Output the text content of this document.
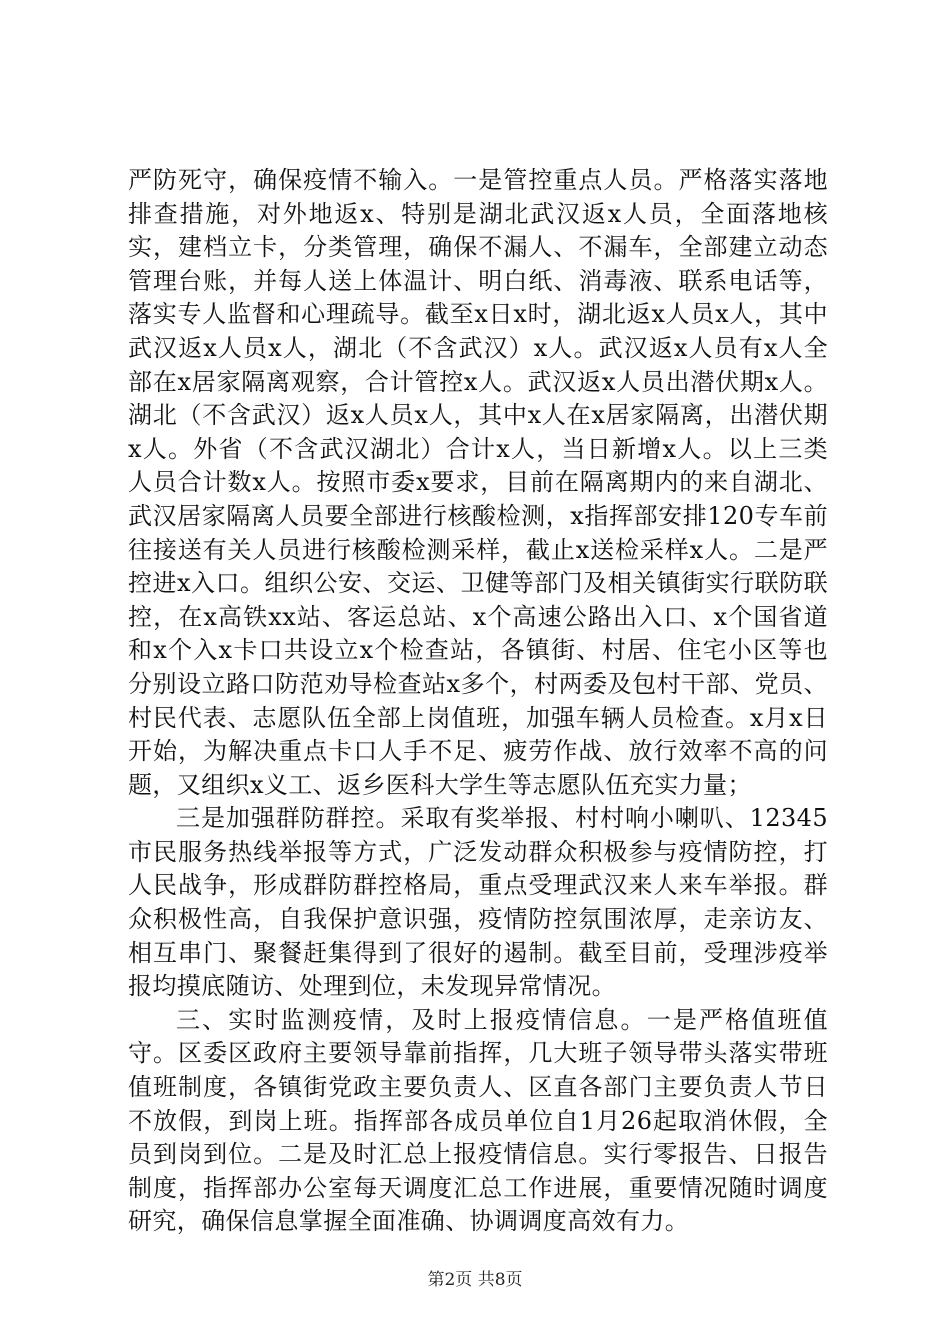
严防死守，确保疫情不输入。一是管控重点人员。严格落实落地排查措施，对外地返x、特别是湖北武汉返x人员，全面落地核实，建档立卡，分类管理，确保不漏人、不漏车，全部建立动态管理台账，并每人送上体温计、明白纸、消毒液、联系电话等，落实专人监督和心理疏导。截至x日x时，湖北返x人员x人，其中武汉返x人员x人，湖北（不含武汉）x人。武汉返x人员有x人全部在x居家隔离观察，合计管控x人。武汉返x人员出潜伏期x人。湖北（不含武汉）返x人员x人，其中x人在x居家隔离，出潜伏期x人。外省（不含武汉湖北）合计x人，当日新增x人。以上三类人员合计数x人。按照市委x要求，目前在隔离期内的来自湖北、武汉居家隔离人员要全部进行核酸检测，x指挥部安排120专车前往接送有关人员进行核酸检测采样，截止x送检采样x人。二是严控进x入口。组织公安、交运、卫健等部门及相关镇街实行联防联控，在x高铁xx站、客运总站、x个高速公路出入口、x个国省道和x个入x卡口共设立x个检查站，各镇街、村居、住宅小区等也分别设立路口防范劝导检查站x多个，村两委及包村干部、党员、村民代表、志愿队伍全部上岗值班，加强车辆人员检查。x月x日开始，为解决重点卡口人手不足、疲劳作战、放行效率不高的问题，又组织x义工、返乡医科大学生等志愿队伍充实力量；

三是加强群防群控。采取有奖举报、村村响小喇叭、12345市民服务热线举报等方式，广泛发动群众积极参与疫情防控，打人民战争，形成群防群控格局，重点受理武汉来人来车举报。群众积极性高，自我保护意识强，疫情防控氛围浓厚，走亲访友、相互串门、聚餐赶集得到了很好的遏制。截至目前，受理涉疫举报均摸底随访、处理到位，未发现异常情况。

三、实时监测疫情，及时上报疫情信息。一是严格值班值守。区委区政府主要领导靠前指挥，几大班子领导带头落实带班值班制度，各镇街党政主要负责人、区直各部门主要负责人节日不放假，到岗上班。指挥部各成员单位自1月26起取消休假，全员到岗到位。二是及时汇总上报疫情信息。实行零报告、日报告制度，指挥部办公室每天调度汇总工作进展，重要情况随时调度研究，确保信息掌握全面准确、协调调度高效有力。

第2页 共8页
